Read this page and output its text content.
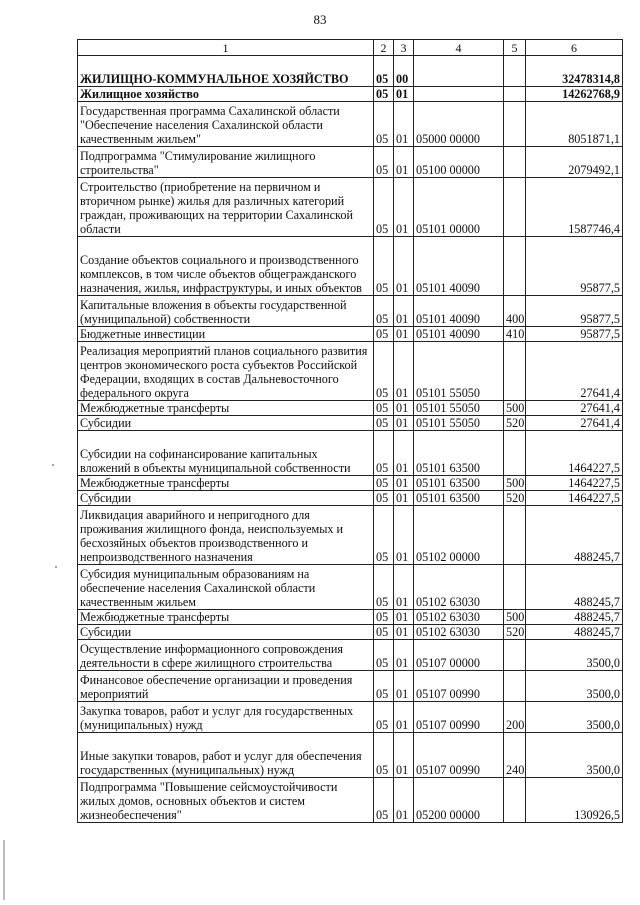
83
1	2	3	4	5	6
ЖИЛИЩНО-КОММУНАЛЬНОЕ ХОЗЯЙСТВО	05	00			32478314,8
Жилищное хозяйство	05	01			14262768,9
Государственная программа Сахалинской области "Обеспечение населения Сахалинской области качественным жильем"	05	01	05000 00000		8051871,1
Подпрограмма "Стимулирование жилищного строительства"	05	01	05100 00000		2079492,1
Строительство (приобретение на первичном и вторичном рынке) жилья для различных категорий граждан, проживающих на территории Сахалинской области	05	01	05101 00000		1587746,4
Создание объектов социального и производственного комплексов, в том числе объектов общегражданского назначения, жилья, инфраструктуры, и иных объектов	05	01	05101 40090		95877,5
Капитальные вложения в объекты государственной (муниципальной) собственности	05	01	05101 40090	400	95877,5
Бюджетные инвестиции	05	01	05101 40090	410	95877,5
Реализация мероприятий планов социального развития центров экономического роста субъектов Российской Федерации, входящих в состав Дальневосточного федерального округа	05	01	05101 55050		27641,4
Межбюджетные трансферты	05	01	05101 55050	500	27641,4
Субсидии	05	01	05101 55050	520	27641,4
Субсидии на софинансирование капитальных вложений в объекты муниципальной собственности	05	01	05101 63500		1464227,5
Межбюджетные трансферты	05	01	05101 63500	500	1464227,5
Субсидии	05	01	05101 63500	520	1464227,5
Ликвидация аварийного и непригодного для проживания жилищного фонда, неиспользуемых и бесхозяйных объектов производственного и непроизводственного назначения	05	01	05102 00000		488245,7
Субсидия муниципальным образованиям на обеспечение населения Сахалинской области качественным жильем	05	01	05102 63030		488245,7
Межбюджетные трансферты	05	01	05102 63030	500	488245,7
Субсидии	05	01	05102 63030	520	488245,7
Осуществление информационного сопровождения деятельности в сфере жилищного строительства	05	01	05107 00000		3500,0
Финансовое обеспечение организации и проведения мероприятий	05	01	05107 00990		3500,0
Закупка товаров, работ и услуг для государственных (муниципальных) нужд	05	01	05107 00990	200	3500,0
Иные закупки товаров, работ и услуг для обеспечения государственных (муниципальных) нужд	05	01	05107 00990	240	3500,0
Подпрограмма "Повышение сейсмоустойчивости жилых домов, основных объектов и систем жизнеобеспечения"	05	01	05200 00000		130926,5
